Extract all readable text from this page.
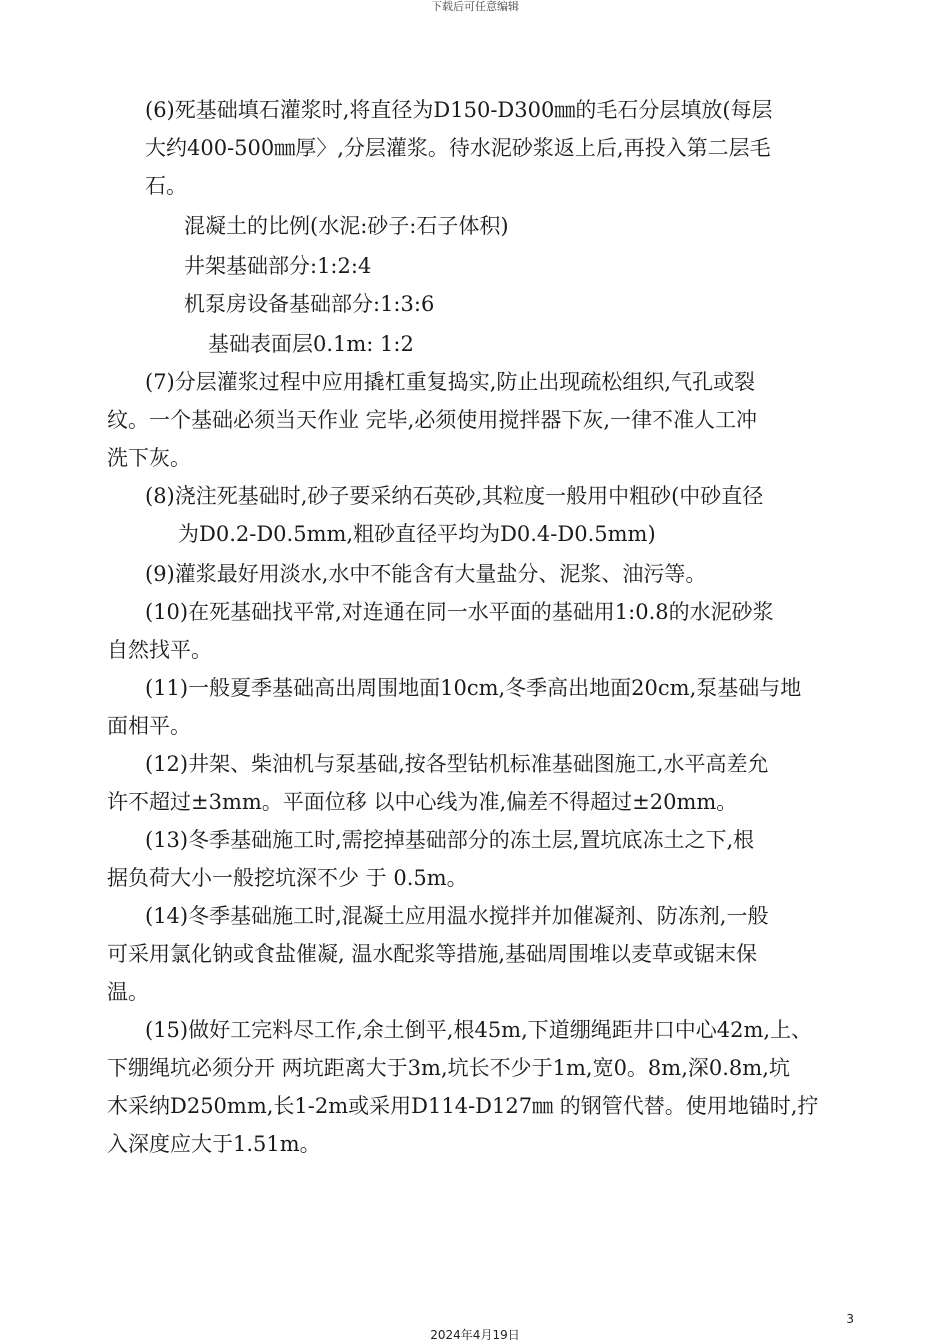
下载后可任意编辑
(6)死基础填石灌浆时,将直径为D150-D300㎜的毛石分层填放(每层
大约400-500㎜厚〉,分层灌浆。待水泥砂浆返上后,再投入第二层毛
石。
混凝土的比例(水泥:砂子:石子体积)
井架基础部分:1:2:4
机泵房设备基础部分:1:3:6
基础表面层0.1m: 1:2
(7)分层灌浆过程中应用撬杠重复捣实,防止出现疏松组织,气孔或裂
纹。一个基础必须当天作业 完毕,必须使用搅拌器下灰,一律不准人工冲
洗下灰。
(8)浇注死基础时,砂子要采纳石英砂,其粒度一般用中粗砂(中砂直径
为D0.2-D0.5mm,粗砂直径平均为D0.4-D0.5mm)
(9)灌浆最好用淡水,水中不能含有大量盐分、泥浆、油污等。
(10)在死基础找平常,对连通在同一水平面的基础用1:0.8的水泥砂浆
自然找平。
(11)一般夏季基础高出周围地面10cm,冬季高出地面20cm,泵基础与地
面相平。
(12)井架、柴油机与泵基础,按各型钻机标准基础图施工,水平高差允
许不超过±3mm。平面位移 以中心线为准,偏差不得超过±20mm。
(13)冬季基础施工时,需挖掉基础部分的冻土层,置坑底冻土之下,根
据负荷大小一般挖坑深不少 于 0.5m。
(14)冬季基础施工时,混凝土应用温水搅拌并加催凝剂、防冻剂,一般
可采用氯化钠或食盐催凝, 温水配浆等措施,基础周围堆以麦草或锯末保
温。
(15)做好工完料尽工作,余土倒平,根45m,下道绷绳距井口中心42m,上、
下绷绳坑必须分开 两坑距离大于3m,坑长不少于1m,宽0。8m,深0.8m,坑
木采纳D250mm,长1-2m或采用D114-D127㎜ 的钢管代替。使用地锚时,拧
入深度应大于1.51m。
3
2024年4月19日
